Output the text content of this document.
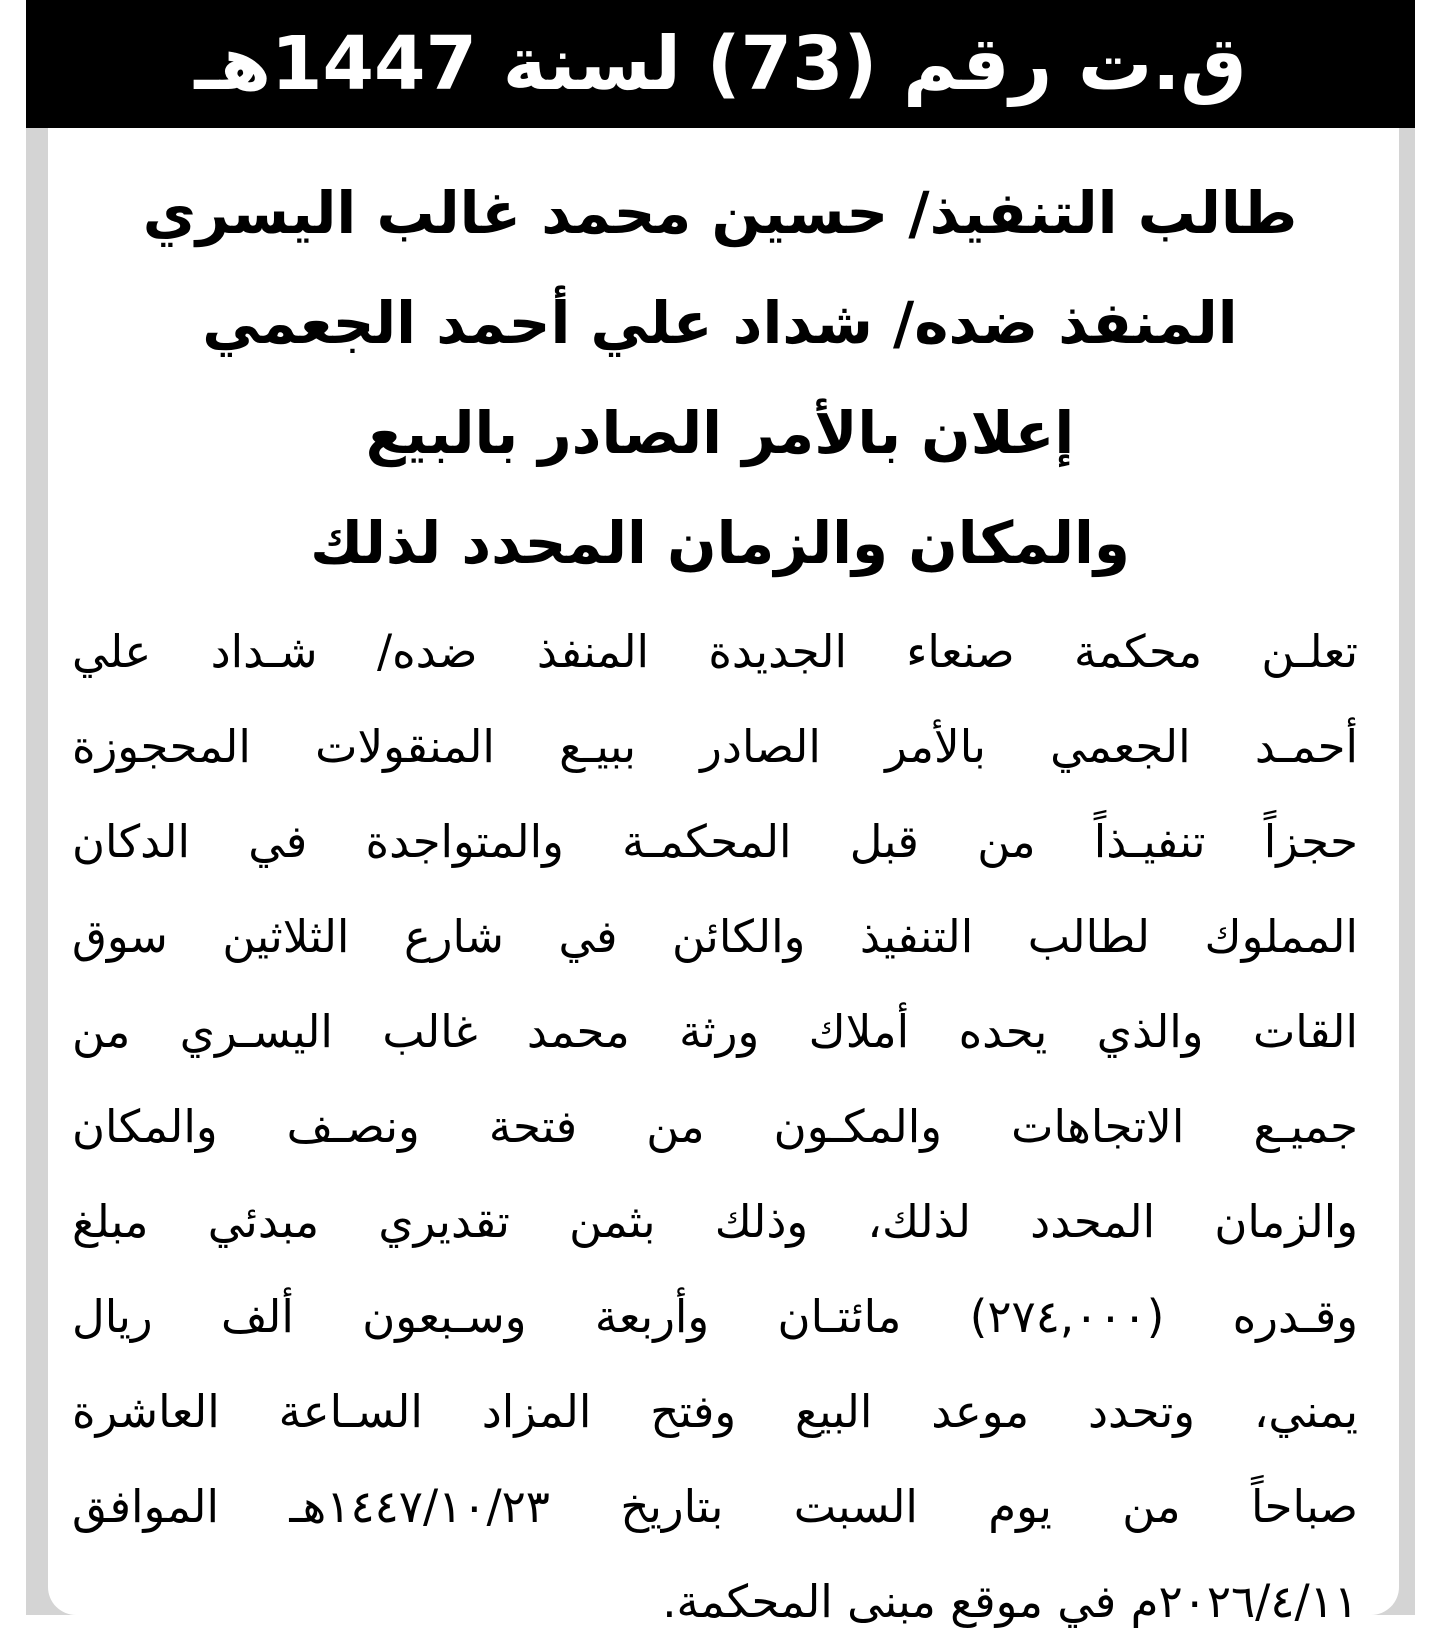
ق.ت رقم (73) لسنة 1447هـ
طالب التنفيذ/ حسين محمد غالب اليسري
المنفذ ضده/ شداد علي أحمد الجعمي
إعلان بالأمر الصادر بالبيع
والمكان والزمان المحدد لذلك
تعلـن محكمة صنعاء الجديدة المنفذ ضده/ شـداد علي
أحمـد الجعمي بالأمر الصادر ببيـع المنقولات المحجوزة
حجزاً تنفيـذاً من قبل المحكمـة والمتواجدة في الدكان
المملوك لطالب التنفيذ والكائن في شارع الثلاثين سوق
القات والذي يحده أملاك ورثة محمد غالب اليسـري من
جميـع الاتجاهات والمكـون من فتحة ونصـف والمكان
والزمان المحدد لذلك، وذلك بثمن تقديري مبدئي مبلغ
وقـدره (٢٧٤,٠٠٠) مائتـان وأربعة وسـبعون ألف ريال
يمني، وتحدد موعد البيع وفتح المزاد السـاعة العاشرة
صباحاً من يوم السبت بتاريخ ١٤٤٧/١٠/٢٣هـ الموافق
٢٠٢٦/٤/١١م في موقع مبنى المحكمة.
